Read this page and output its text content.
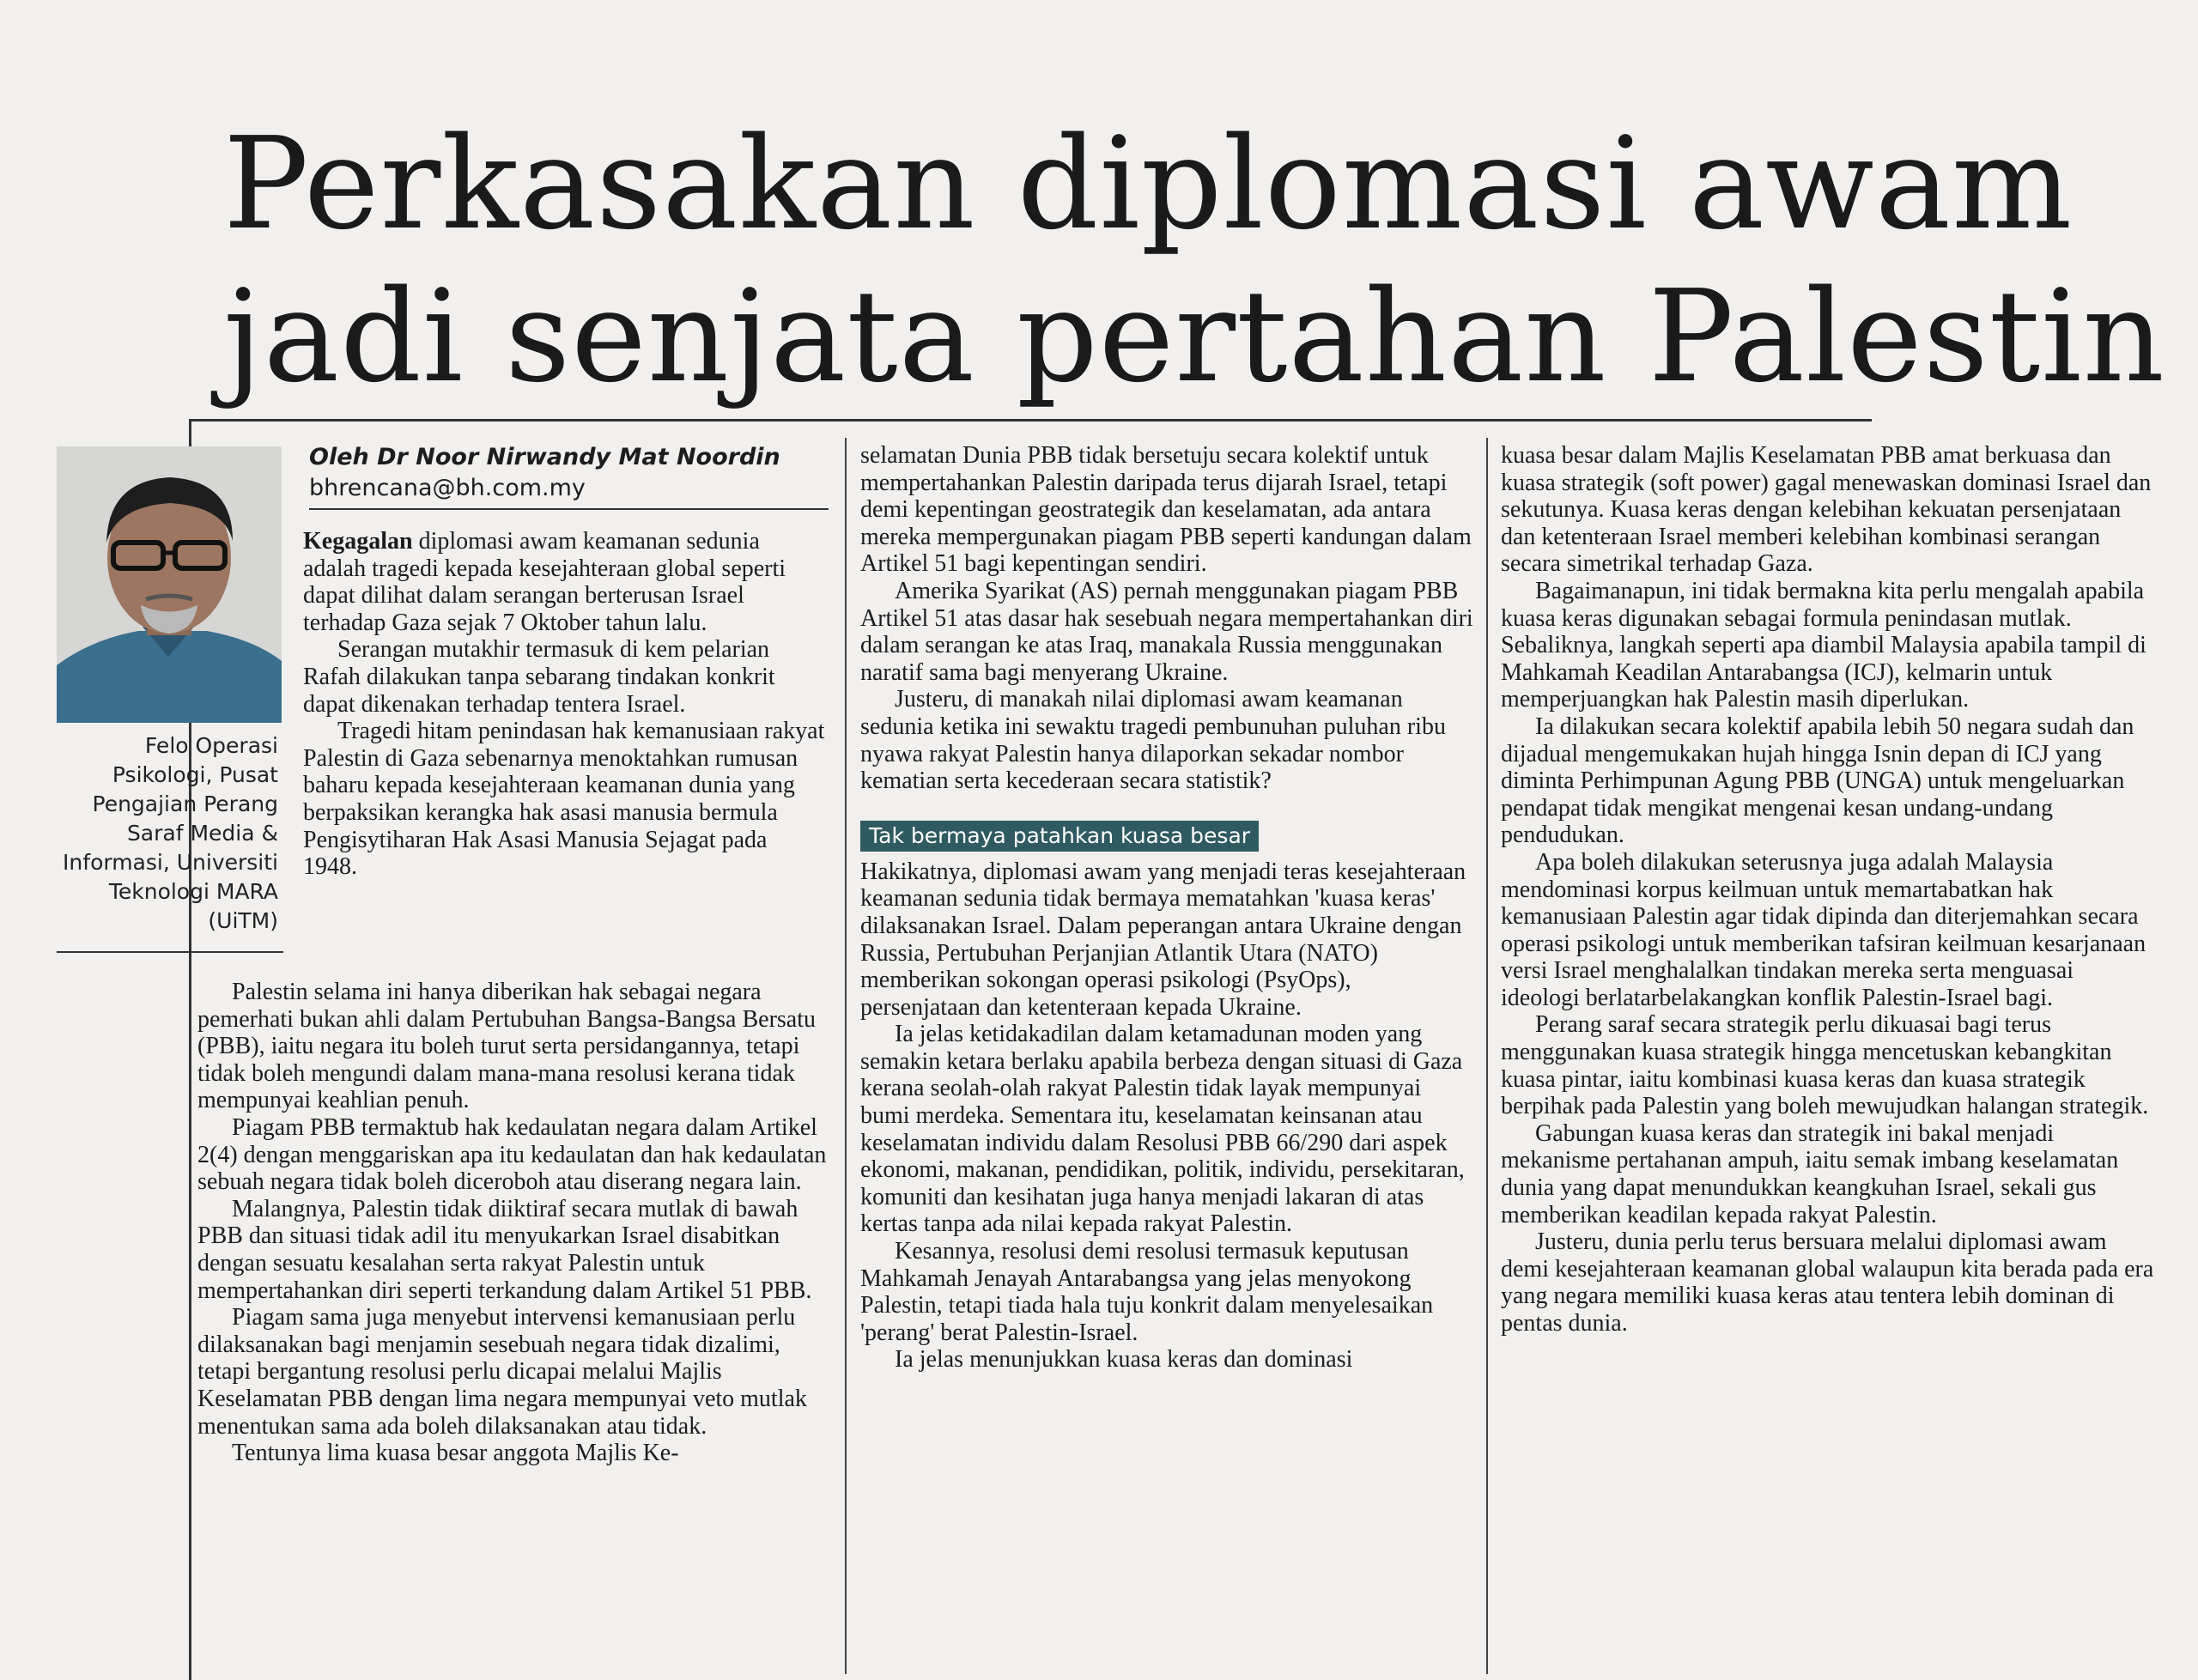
Perkasakan diplomasi awam
jadi senjata pertahan Palestin
Felo Operasi Psikologi, Pusat Pengajian Perang Saraf Media & Informasi, Universiti Teknologi MARA (UiTM)
Oleh Dr Noor Nirwandy Mat Noordin
bhrencana@bh.com.my

Kegagalan diplomasi awam keamanan sedunia adalah tragedi kepada kesejahteraan global seperti dapat dilihat dalam serangan berterusan Israel terhadap Gaza sejak 7 Oktober tahun lalu.

Serangan mutakhir termasuk di kem pelarian Rafah dilakukan tanpa sebarang tindakan konkrit dapat dikenakan terhadap tentera Israel.

Tragedi hitam penindasan hak kemanusiaan rakyat Palestin di Gaza sebenarnya menoktahkan rumusan baharu kepada kesejahteraan keamanan dunia yang berpaksikan kerangka hak asasi manusia bermula Pengisytiharan Hak Asasi Manusia Sejagat pada 1948.

Palestin selama ini hanya diberikan hak sebagai negara pemerhati bukan ahli dalam Pertubuhan Bangsa-Bangsa Bersatu (PBB), iaitu negara itu boleh turut serta persidangannya, tetapi tidak boleh mengundi dalam mana-mana resolusi kerana tidak mempunyai keahlian penuh.

Piagam PBB termaktub hak kedaulatan negara dalam Artikel 2(4) dengan menggariskan apa itu kedaulatan dan hak kedaulatan sebuah negara tidak boleh diceroboh atau diserang negara lain.

Malangnya, Palestin tidak diiktiraf secara mutlak di bawah PBB dan situasi tidak adil itu menyukarkan Israel disabitkan dengan sesuatu kesalahan serta rakyat Palestin untuk mempertahankan diri seperti terkandung dalam Artikel 51 PBB.

Piagam sama juga menyebut intervensi kemanusiaan perlu dilaksanakan bagi menjamin sesebuah negara tidak dizalimi, tetapi bergantung resolusi perlu dicapai melalui Majlis Keselamatan PBB dengan lima negara mempunyai veto mutlak menentukan sama ada boleh dilaksanakan atau tidak.

Tentunya lima kuasa besar anggota Majlis Ke-

selamatan Dunia PBB tidak bersetuju secara kolektif untuk mempertahankan Palestin daripada terus dijarah Israel, tetapi demi kepentingan geostrategik dan keselamatan, ada antara mereka mempergunakan piagam PBB seperti kandungan dalam Artikel 51 bagi kepentingan sendiri.

Amerika Syarikat (AS) pernah menggunakan piagam PBB Artikel 51 atas dasar hak sesebuah negara mempertahankan diri dalam serangan ke atas Iraq, manakala Russia menggunakan naratif sama bagi menyerang Ukraine.

Justeru, di manakah nilai diplomasi awam keamanan sedunia ketika ini sewaktu tragedi pembunuhan puluhan ribu nyawa rakyat Palestin hanya dilaporkan sekadar nombor kematian serta kecederaan secara statistik?

Tak bermaya patahkan kuasa besar

Hakikatnya, diplomasi awam yang menjadi teras kesejahteraan keamanan sedunia tidak bermaya mematahkan 'kuasa keras' dilaksanakan Israel. Dalam peperangan antara Ukraine dengan Russia, Pertubuhan Perjanjian Atlantik Utara (NATO) memberikan sokongan operasi psikologi (PsyOps), persenjataan dan ketenteraan kepada Ukraine.

Ia jelas ketidakadilan dalam ketamadunan moden yang semakin ketara berlaku apabila berbeza dengan situasi di Gaza kerana seolah-olah rakyat Palestin tidak layak mempunyai bumi merdeka. Sementara itu, keselamatan keinsanan atau keselamatan individu dalam Resolusi PBB 66/290 dari aspek ekonomi, makanan, pendidikan, politik, individu, persekitaran, komuniti dan kesihatan juga hanya menjadi lakaran di atas kertas tanpa ada nilai kepada rakyat Palestin.

Kesannya, resolusi demi resolusi termasuk keputusan Mahkamah Jenayah Antarabangsa yang jelas menyokong Palestin, tetapi tiada hala tuju konkrit dalam menyelesaikan 'perang' berat Palestin-Israel.

Ia jelas menunjukkan kuasa keras dan dominasi

kuasa besar dalam Majlis Keselamatan PBB amat berkuasa dan kuasa strategik (soft power) gagal menewaskan dominasi Israel dan sekutunya. Kuasa keras dengan kelebihan kekuatan persenjataan dan ketenteraan Israel memberi kelebihan kombinasi serangan secara simetrikal terhadap Gaza.

Bagaimanapun, ini tidak bermakna kita perlu mengalah apabila kuasa keras digunakan sebagai formula penindasan mutlak. Sebaliknya, langkah seperti apa diambil Malaysia apabila tampil di Mahkamah Keadilan Antarabangsa (ICJ), kelmarin untuk memperjuangkan hak Palestin masih diperlukan.

Ia dilakukan secara kolektif apabila lebih 50 negara sudah dan dijadual mengemukakan hujah hingga Isnin depan di ICJ yang diminta Perhimpunan Agung PBB (UNGA) untuk mengeluarkan pendapat tidak mengikat mengenai kesan undang-undang pendudukan.

Apa boleh dilakukan seterusnya juga adalah Malaysia mendominasi korpus keilmuan untuk memartabatkan hak kemanusiaan Palestin agar tidak dipinda dan diterjemahkan secara operasi psikologi untuk memberikan tafsiran keilmuan kesarjanaan versi Israel menghalalkan tindakan mereka serta menguasai ideologi berlatarbelakangkan konflik Palestin-Israel bagi.

Perang saraf secara strategik perlu dikuasai bagi terus menggunakan kuasa strategik hingga mencetuskan kebangkitan kuasa pintar, iaitu kombinasi kuasa keras dan kuasa strategik berpihak pada Palestin yang boleh mewujudkan halangan strategik.

Gabungan kuasa keras dan strategik ini bakal menjadi mekanisme pertahanan ampuh, iaitu semak imbang keselamatan dunia yang dapat menundukkan keangkuhan Israel, sekali gus memberikan keadilan kepada rakyat Palestin.

Justeru, dunia perlu terus bersuara melalui diplomasi awam demi kesejahteraan keamanan global walaupun kita berada pada era yang negara memiliki kuasa keras atau tentera lebih dominan di pentas dunia.
